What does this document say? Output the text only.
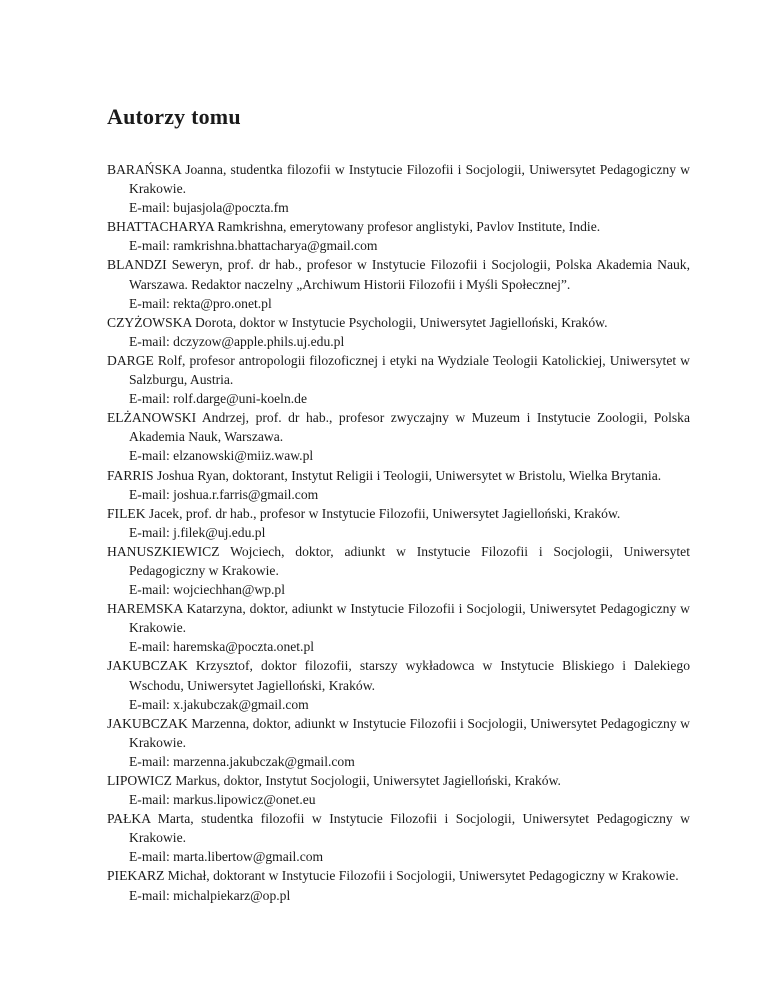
Autorzy tomu
BARAŃSKA Joanna, studentka filozofii w Instytucie Filozofii i Socjologii, Uniwersytet Pedagogiczny w Krakowie.
E-mail: bujasjola@poczta.fm
BHATTACHARYA Ramkrishna, emerytowany profesor anglistyki, Pavlov Institute, Indie.
E-mail: ramkrishna.bhattacharya@gmail.com
BLANDZI Seweryn, prof. dr hab., profesor w Instytucie Filozofii i Socjologii, Polska Akademia Nauk, Warszawa. Redaktor naczelny „Archiwum Historii Filozofii i Myśli Społecznej”.
E-mail: rekta@pro.onet.pl
CZYŻOWSKA Dorota, doktor w Instytucie Psychologii, Uniwersytet Jagielloński, Kraków.
E-mail: dczyzow@apple.phils.uj.edu.pl
DARGE Rolf, profesor antropologii filozoficznej i etyki na Wydziale Teologii Katolickiej, Uniwersytet w Salzburgu, Austria.
E-mail: rolf.darge@uni-koeln.de
ELŻANOWSKI Andrzej, prof. dr hab., profesor zwyczajny w Muzeum i Instytucie Zoologii, Polska Akademia Nauk, Warszawa.
E-mail: elzanowski@miiz.waw.pl
FARRIS Joshua Ryan, doktorant, Instytut Religii i Teologii, Uniwersytet w Bristolu, Wielka Brytania.
E-mail: joshua.r.farris@gmail.com
FILEK Jacek, prof. dr hab., profesor w Instytucie Filozofii, Uniwersytet Jagielloński, Kraków.
E-mail: j.filek@uj.edu.pl
HANUSZKIEWICZ Wojciech, doktor, adiunkt w Instytucie Filozofii i Socjologii, Uniwersytet Pedagogiczny w Krakowie.
E-mail: wojciechhan@wp.pl
HAREMSKA Katarzyna, doktor, adiunkt w Instytucie Filozofii i Socjologii, Uniwersytet Pedagogiczny w Krakowie.
E-mail: haremska@poczta.onet.pl
JAKUBCZAK Krzysztof, doktor filozofii, starszy wykładowca w Instytucie Bliskiego i Dalekiego Wschodu, Uniwersytet Jagielloński, Kraków.
E-mail: x.jakubczak@gmail.com
JAKUBCZAK Marzenna, doktor, adiunkt w Instytucie Filozofii i Socjologii, Uniwersytet Pedagogiczny w Krakowie.
E-mail: marzenna.jakubczak@gmail.com
LIPOWICZ Markus, doktor, Instytut Socjologii, Uniwersytet Jagielloński, Kraków.
E-mail: markus.lipowicz@onet.eu
PAŁKA Marta, studentka filozofii w Instytucie Filozofii i Socjologii, Uniwersytet Pedagogiczny w Krakowie.
E-mail: marta.libertow@gmail.com
PIEKARZ Michał, doktorant w Instytucie Filozofii i Socjologii, Uniwersytet Pedagogiczny w Krakowie.
E-mail: michalpiekarz@op.pl
